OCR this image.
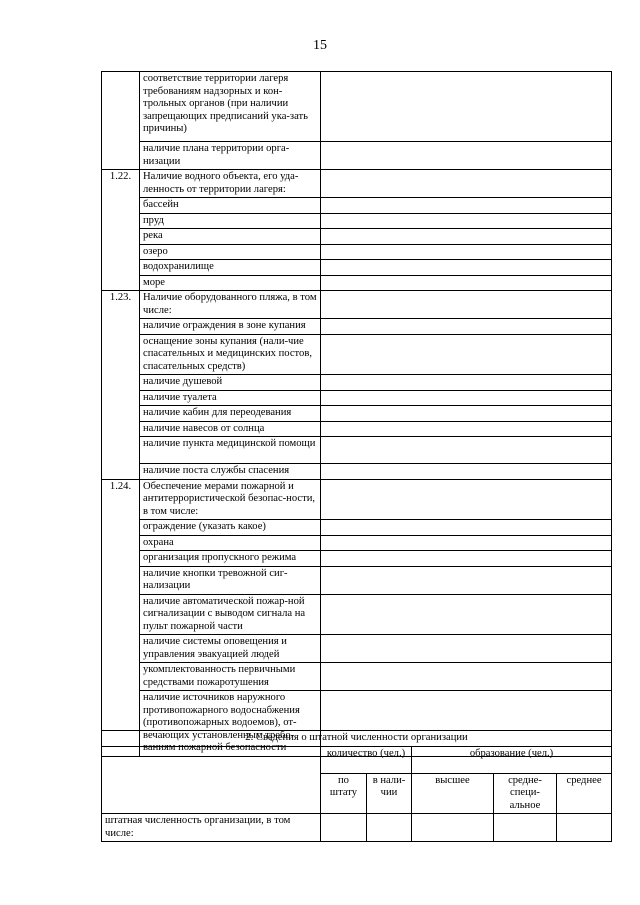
15
	соответствие территории лагеря требованиям надзорных и кон-трольных органов (при наличии запрещающих предписаний ука-зать причины)	
	наличие плана территории орга-низации	
1.22.	Наличие водного объекта, его уда-ленность от территории лагеря:	
	бассейн	
	пруд	
	река	
	озеро	
	водохранилище	
	море	
1.23.	Наличие оборудованного пляжа, в том числе:	
	наличие ограждения в зоне купания	
	оснащение зоны купания (нали-чие спасательных и медицинских постов, спасательных средств)	
	наличие душевой	
	наличие туалета	
	наличие кабин для переодевания	
	наличие навесов от солнца	
	наличие пункта медицинской помощи	
	наличие поста службы спасения	
1.24.	Обеспечение мерами пожарной и антитеррористической безопас-ности, в том числе:	
	ограждение (указать какое)	
	охрана	
	организация пропускного режима	
	наличие кнопки тревожной сиг-нализации	
	наличие автоматической пожар-ной сигнализации с выводом сигнала на пульт пожарной части	
	наличие системы оповещения и управления эвакуацией людей	
	укомплектованность первичными средствами пожаротушения	
	наличие источников наружного противопожарного водоснабжения (противопожарных водоемов), от-вечающих установленным требо-ваниям пожарной безопасности	
2. Сведения о штатной численности организации					
	количество (чел.)		образование (чел.)		
	по штату	в нали-чии	высшее	средне-специ-альное	среднее
штатная численность организации, в том числе:					
